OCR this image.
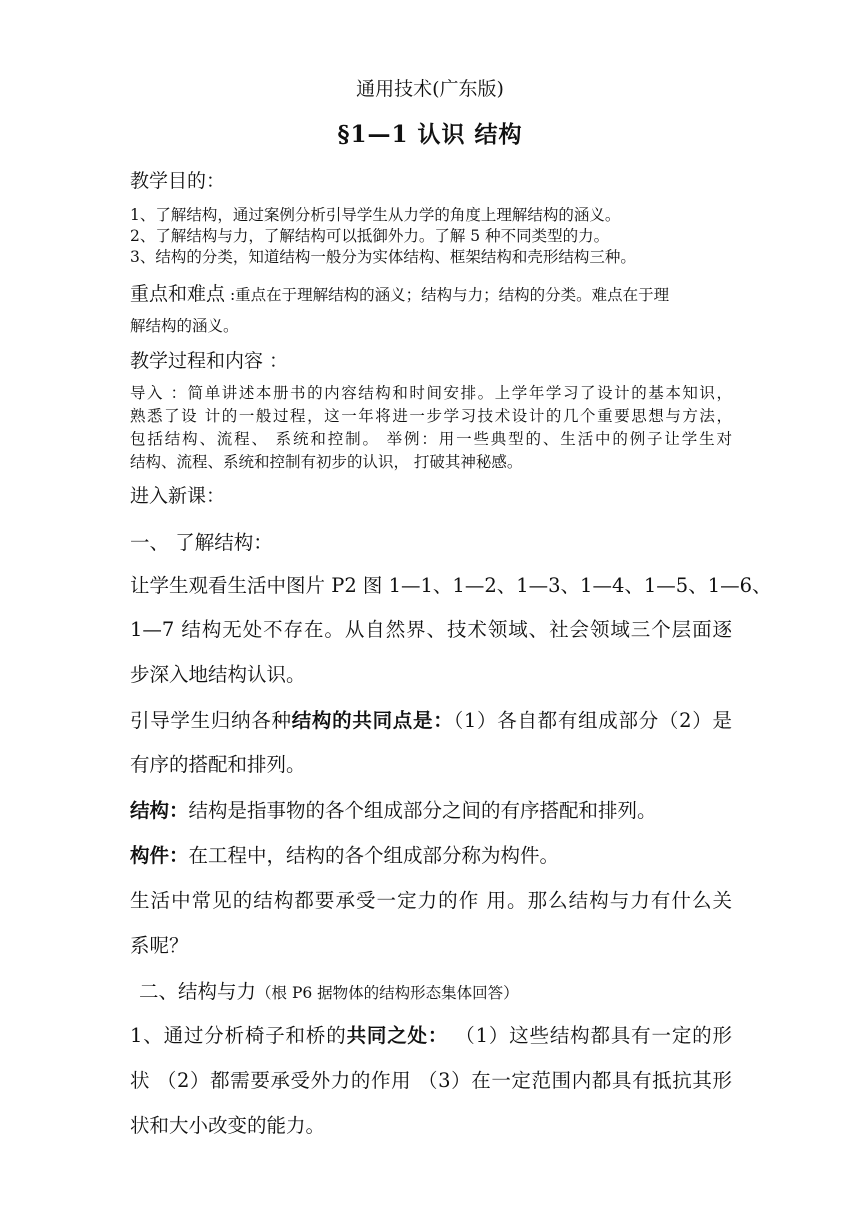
通用技术(广东版)
§1—1 认识 结构
教学目的：
1、了解结构，通过案例分析引导学生从力学的角度上理解结构的涵义。
2、了解结构与力，了解结构可以抵御外力。了解 5 种不同类型的力。
3、结构的分类，知道结构一般分为实体结构、框架结构和壳形结构三种。
重点和难点 :重点在于理解结构的涵义；结构与力；结构的分类。难点在于理
解结构的涵义。
教学过程和内容 ：
导入 ：简单讲述本册书的内容结构和时间安排。上学年学习了设计的基本知识，
熟悉了设 计的一般过程，这一年将进一步学习技术设计的几个重要思想与方法，
包括结构、流程、 系统和控制。 举例：用一些典型的、生活中的例子让学生对
结构、流程、系统和控制有初步的认识， 打破其神秘感。
进入新课：
一、 了解结构：
让学生观看生活中图片 P2 图 1—1、1—2、1—3、1—4、1—5、1—6、
1—7 结构无处不存在。从自然界、技术领域、社会领域三个层面逐
步深入地结构认识。
引导学生归纳各种结构的共同点是：（1）各自都有组成部分（2）是
有序的搭配和排列。
结构：结构是指事物的各个组成部分之间的有序搭配和排列。
构件：在工程中，结构的各个组成部分称为构件。
生活中常见的结构都要承受一定力的作 用。那么结构与力有什么关
系呢？
二、结构与力（根 P6 据物体的结构形态集体回答）
1、通过分析椅子和桥的共同之处： （1）这些结构都具有一定的形
状 （2）都需要承受外力的作用 （3）在一定范围内都具有抵抗其形
状和大小改变的能力。
